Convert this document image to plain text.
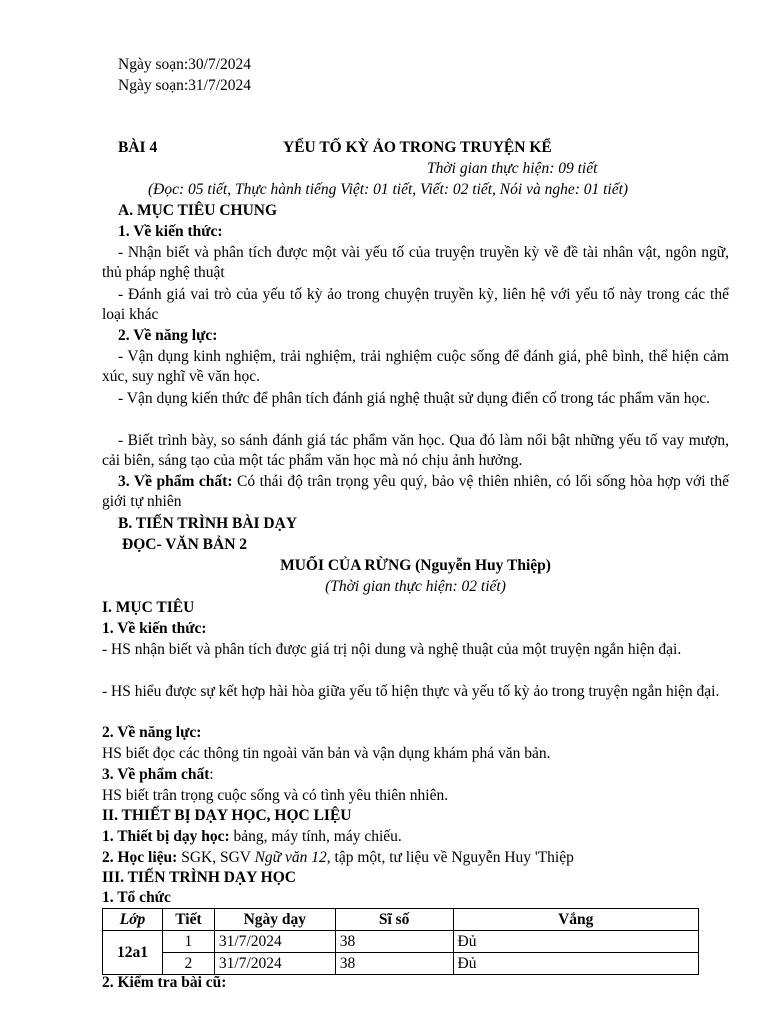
Ngày soạn:30/7/2024
Ngày soạn:31/7/2024
BÀI 4	YẾU TỐ KỲ ẢO TRONG TRUYỆN KỂ
Thời gian thực hiện: 09 tiết
(Đọc: 05 tiết, Thực hành tiếng Việt: 01 tiết, Viết: 02 tiết, Nói và nghe: 01 tiết)
A. MỤC TIÊU CHUNG
1. Về kiến thức:
- Nhận biết và phân tích được một vài yếu tố của truyện truyền kỳ về đề tài nhân vật, ngôn ngữ, thủ pháp nghệ thuật
- Đánh giá vai trò của yếu tố kỳ ảo trong chuyện truyền kỳ, liên hệ với yếu tố này trong các thể loại khác
2. Về năng lực:
- Vận dụng kinh nghiệm, trải nghiệm, trải nghiệm cuộc sống để đánh giá, phê bình, thể hiện cảm xúc, suy nghĩ về văn học.
- Vận dụng kiến thức để phân tích đánh giá nghệ thuật sử dụng điển cố trong tác phẩm văn học.
- Biết trình bày, so sánh đánh giá tác phẩm văn học. Qua đó làm nổi bật những yếu tố vay mượn, cải biên, sáng tạo của một tác phẩm văn học mà nó chịu ảnh hưởng.
3. Về phẩm chất: Có thái độ trân trọng yêu quý, bảo vệ thiên nhiên, có lối sống hòa hợp với thế giới tự nhiên
B. TIẾN TRÌNH BÀI DẠY
ĐỌC- VĂN BẢN 2
MUỐI CỦA RỪNG (Nguyễn Huy Thiệp)
(Thời gian thực hiện: 02 tiết)
I. MỤC TIÊU
1. Về kiến thức:
- HS nhận biết và phân tích được giá trị nội dung và nghệ thuật của một truyện ngắn hiện đại.
- HS hiểu được sự kết hợp hài hòa giữa yếu tố hiện thực và yếu tố kỳ ảo trong truyện ngắn hiện đại.
2. Về năng lực:
HS biết đọc các thông tin ngoài văn bản và vận dụng khám phá văn bản.
3. Về phẩm chất:
HS biết trân trọng cuộc sống và có tình yêu thiên nhiên.
II. THIẾT BỊ DẠY HỌC, HỌC LIỆU
1. Thiết bị dạy học: bảng, máy tính, máy chiếu.
2. Học liệu: SGK, SGV Ngữ văn 12, tập một, tư liệu về Nguyễn Huy 'Thiệp
III. TIẾN TRÌNH DẠY HỌC
1. Tổ chức
Lớp	Tiết	Ngày dạy	Sĩ số	Vắng
12a1	1	31/7/2024	38	Đủ
	2	31/7/2024	38	Đủ
2. Kiểm tra bài cũ:
